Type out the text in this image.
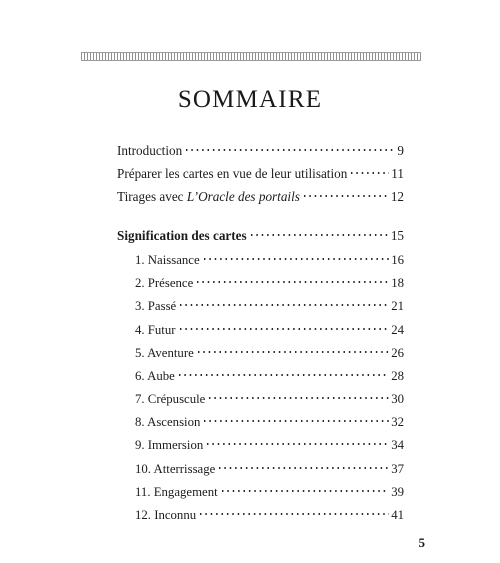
SOMMAIRE
Introduction	9
Préparer les cartes en vue de leur utilisation	11
Tirages avec L’Oracle des portails	12
Signification des cartes	15
1. Naissance	16
2. Présence	18
3. Passé	21
4. Futur	24
5. Aventure	26
6. Aube	28
7. Crépuscule	30
8. Ascension	32
9. Immersion	34
10. Atterrissage	37
11. Engagement	39
12. Inconnu	41
5
